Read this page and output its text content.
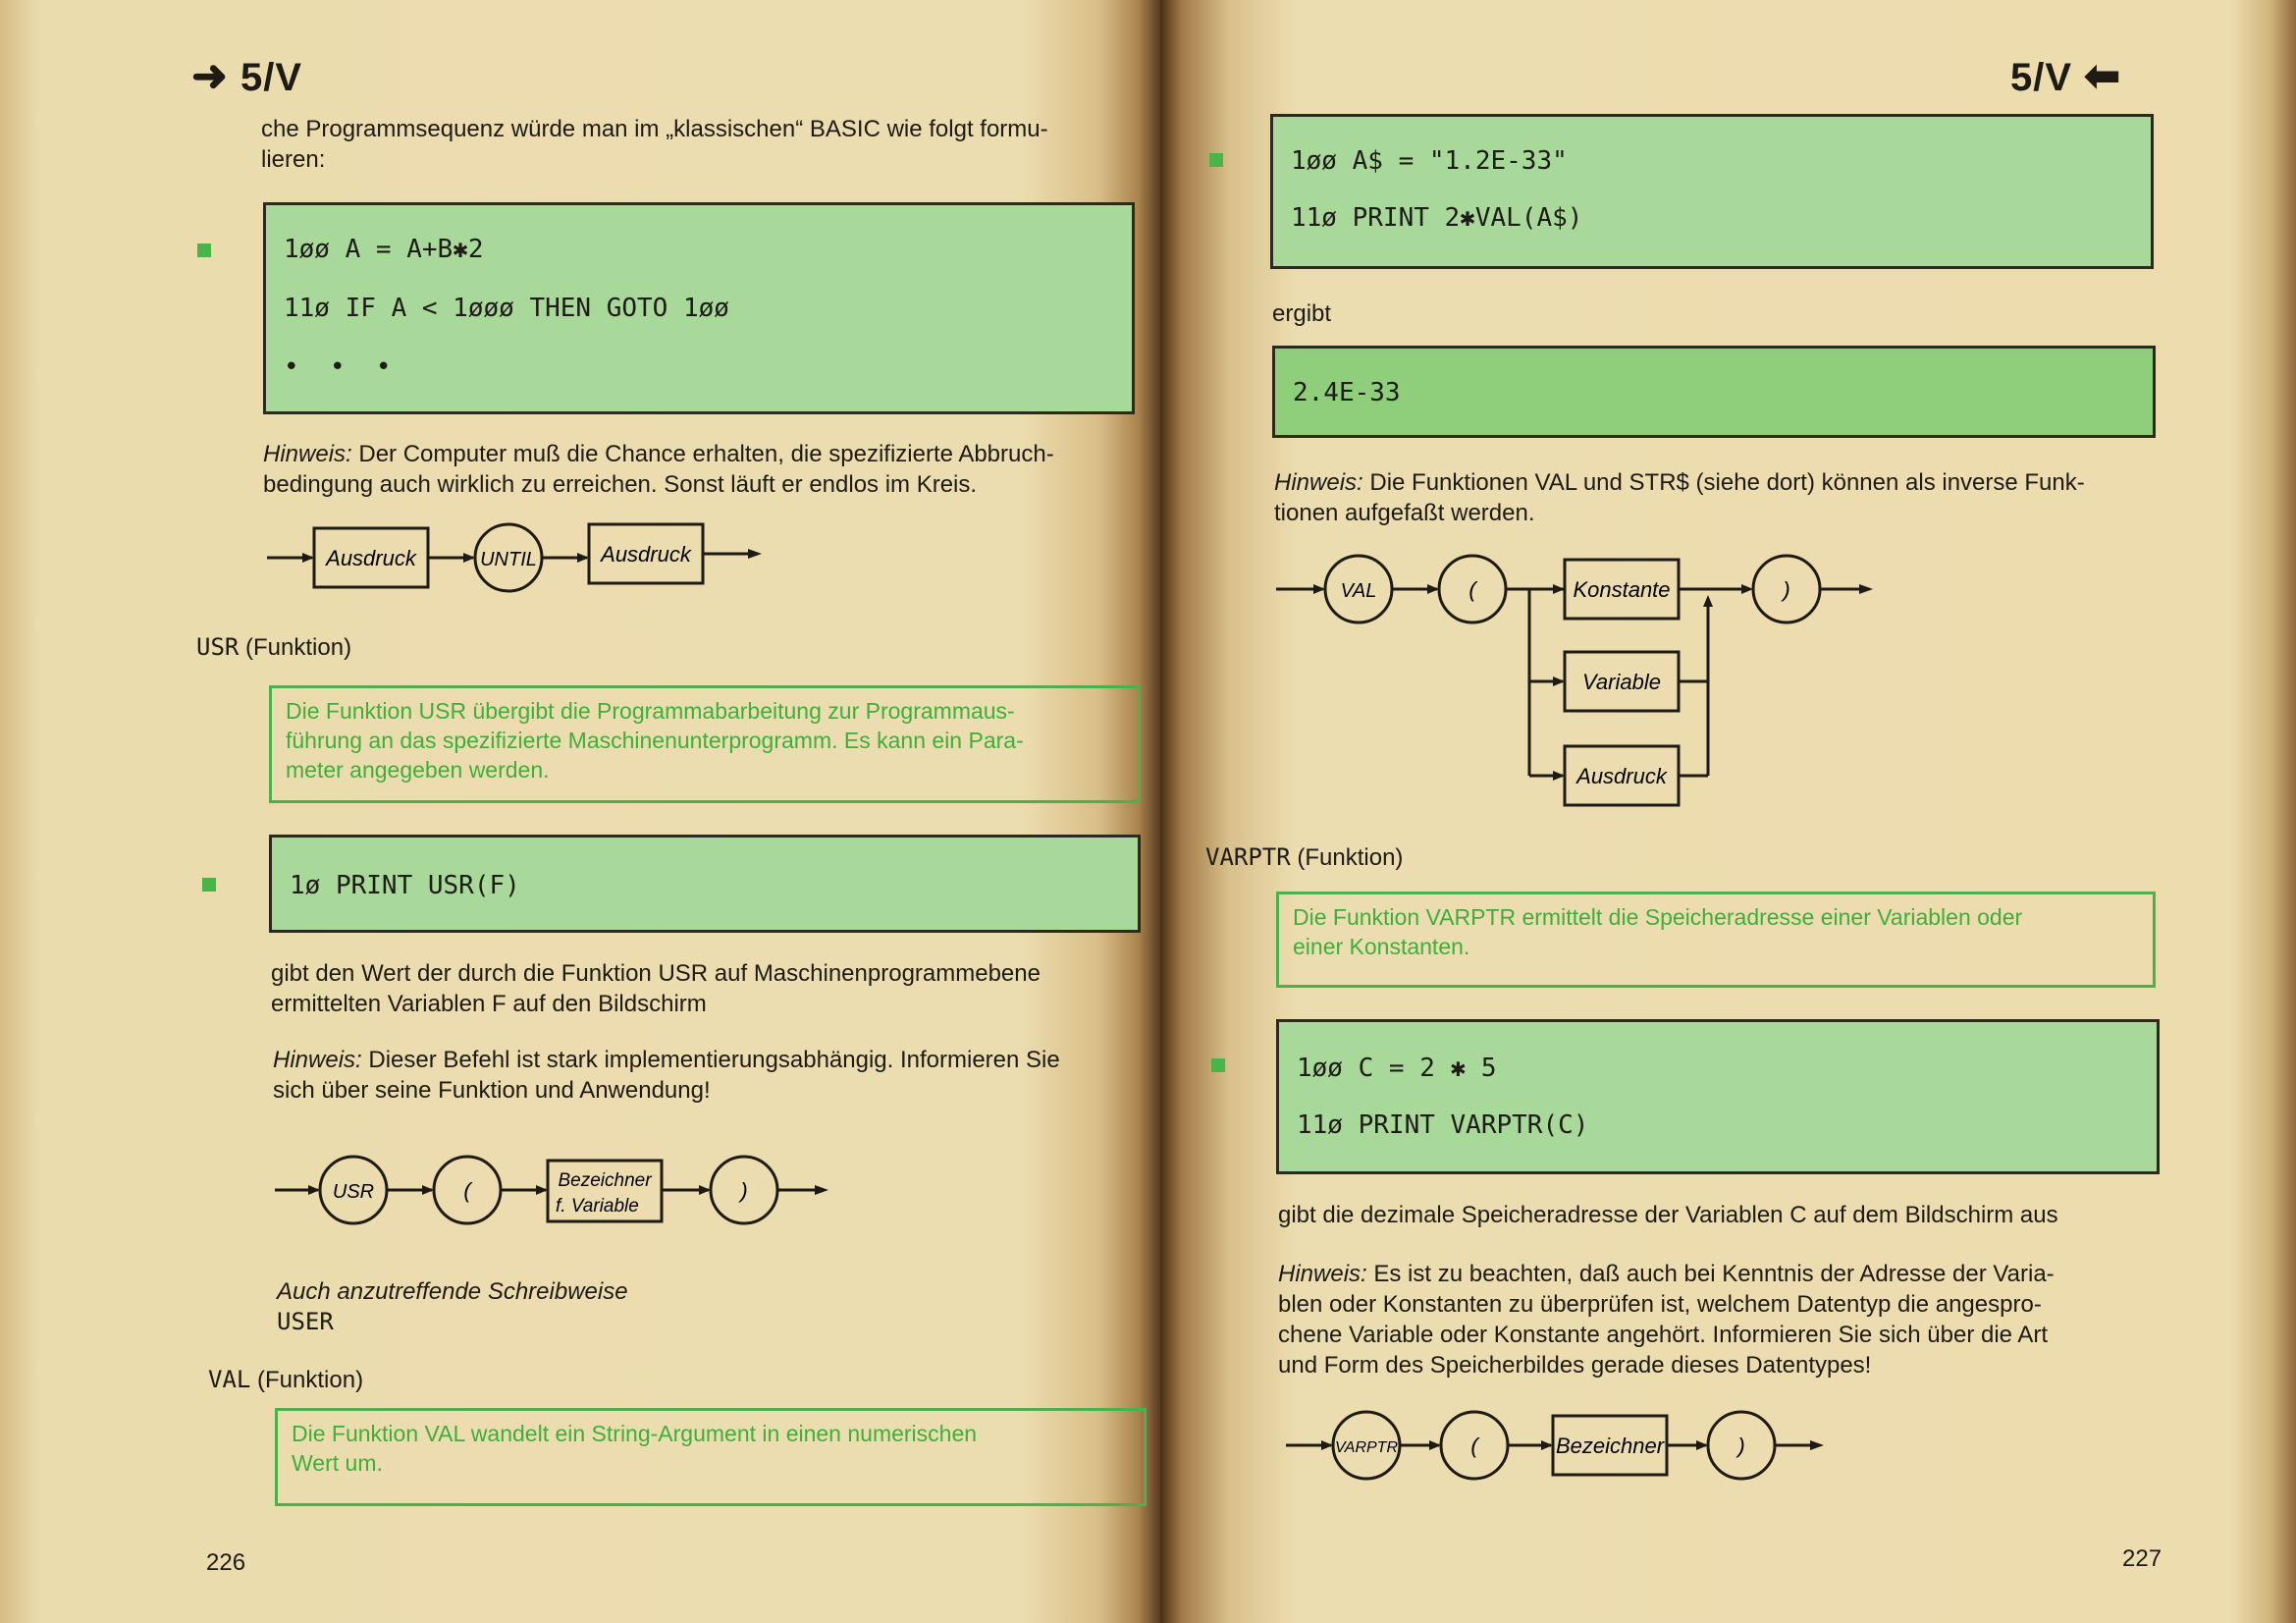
➜ 5/V
che Programmsequenz würde man im „klassischen“ BASIC wie folgt formu-
lieren:
1øø A = A+B✱2
11ø IF A < 1øøø THEN GOTO 1øø
•  •  •
Hinweis: Der Computer muß die Chance erhalten, die spezifizierte Abbruch-
bedingung auch wirklich zu erreichen. Sonst läuft er endlos im Kreis.
Ausdruck	UNTIL	Ausdruck
USR (Funktion)
Die Funktion USR übergibt die Programmabarbeitung zur Programmaus-
führung an das spezifizierte Maschinenunterprogramm. Es kann ein Para-
meter angegeben werden.
1ø PRINT USR(F)
gibt den Wert der durch die Funktion USR auf Maschinenprogrammebene
ermittelten Variablen F auf den Bildschirm
Hinweis: Dieser Befehl ist stark implementierungsabhängig. Informieren Sie
sich über seine Funktion und Anwendung!
USR	(	Bezeichner
f. Variable
)
Auch anzutreffende Schreibweise
USER
VAL (Funktion)
Die Funktion VAL wandelt ein String-Argument in einen numerischen
Wert um.
226
5/V ⬅
1øø A$ = "1.2E-33"
11ø PRINT 2✱VAL(A$)
ergibt
2.4E-33
Hinweis: Die Funktionen VAL und STR$ (siehe dort) können als inverse Funk-
tionen aufgefaßt werden.
VAL	(	Konstante
Variable
Ausdruck
)
VARPTR (Funktion)
Die Funktion VARPTR ermittelt die Speicheradresse einer Variablen oder
einer Konstanten.
1øø C = 2 ✱ 5
11ø PRINT VARPTR(C)
gibt die dezimale Speicheradresse der Variablen C auf dem Bildschirm aus
Hinweis: Es ist zu beachten, daß auch bei Kenntnis der Adresse der Varia-
blen oder Konstanten zu überprüfen ist, welchem Datentyp die angespro-
chene Variable oder Konstante angehört. Informieren Sie sich über die Art
und Form des Speicherbildes gerade dieses Datentypes!
VARPTR	(	Bezeichner	)
227
